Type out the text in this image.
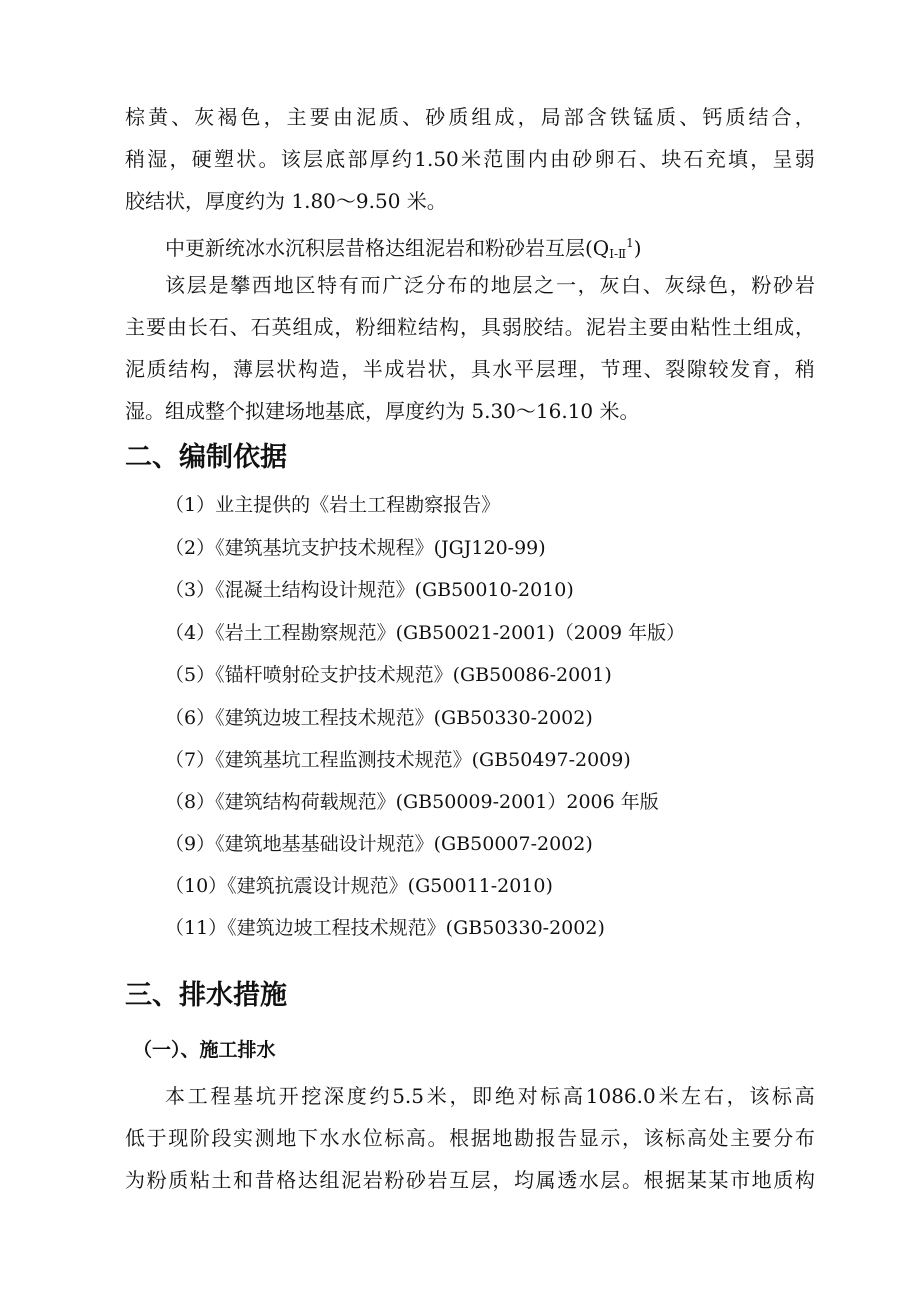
棕 黄 、 灰 褐 色 ， 主 要 由 泥 质 、 砂 质 组 成 ， 局 部 含 铁 锰 质 、 钙 质 结 合 ，
稍 湿 ， 硬 塑 状 。 该 层 底 部 厚 约 1.50 米 范 围 内 由 砂 卵 石 、 块 石 充 填 ， 呈 弱
胶结状，厚度约为 1.80～9.50 米。
中更新统冰水沉积层昔格达组泥岩和粉砂岩互层$(Q_{Ⅰ-Ⅱ}^1)$
该 层 是 攀 西 地 区 特 有 而 广 泛 分 布 的 地 层 之 一 ， 灰 白 、 灰 绿 色 ， 粉 砂 岩
主 要 由 长 石 、 石 英 组 成 ， 粉 细 粒 结 构 ， 具 弱 胶 结 。 泥 岩 主 要 由 粘 性 土 组 成 ，
泥 质 结 构 ， 薄 层 状 构 造 ， 半 成 岩 状 ， 具 水 平 层 理 ， 节 理 、 裂 隙 较 发 育 ， 稍
湿。组成整个拟建场地基底，厚度约为 5.30～16.10 米。
二、编制依据
（1）业主提供的《岩土工程勘察报告》
（2）《建筑基坑支护技术规程》(JGJ120-99)
（3）《混凝土结构设计规范》(GB50010-2010)
（4）《岩土工程勘察规范》(GB50021-2001)（2009 年版）
（5）《锚杆喷射砼支护技术规范》(GB50086-2001)
（6）《建筑边坡工程技术规范》(GB50330-2002)
（7）《建筑基坑工程监测技术规范》(GB50497-2009)
（8）《建筑结构荷载规范》(GB50009-2001）2006 年版
（9）《建筑地基基础设计规范》(GB50007-2002)
（10）《建筑抗震设计规范》(G50011-2010)
（11）《建筑边坡工程技术规范》(GB50330-2002)
三、排水措施
（一）、施工排水
本 工 程 基 坑 开 挖 深 度 约 5.5 米 ， 即 绝 对 标 高 1086.0 米 左 右 ， 该 标 高
低 于 现 阶 段 实 测 地 下 水 水 位 标 高 。 根 据 地 勘 报 告 显 示 ， 该 标 高 处 主 要 分 布
为 粉 质 粘 土 和 昔 格 达 组 泥 岩 粉 砂 岩 互 层 ， 均 属 透 水 层 。 根 据 某 某 市 地 质 构
